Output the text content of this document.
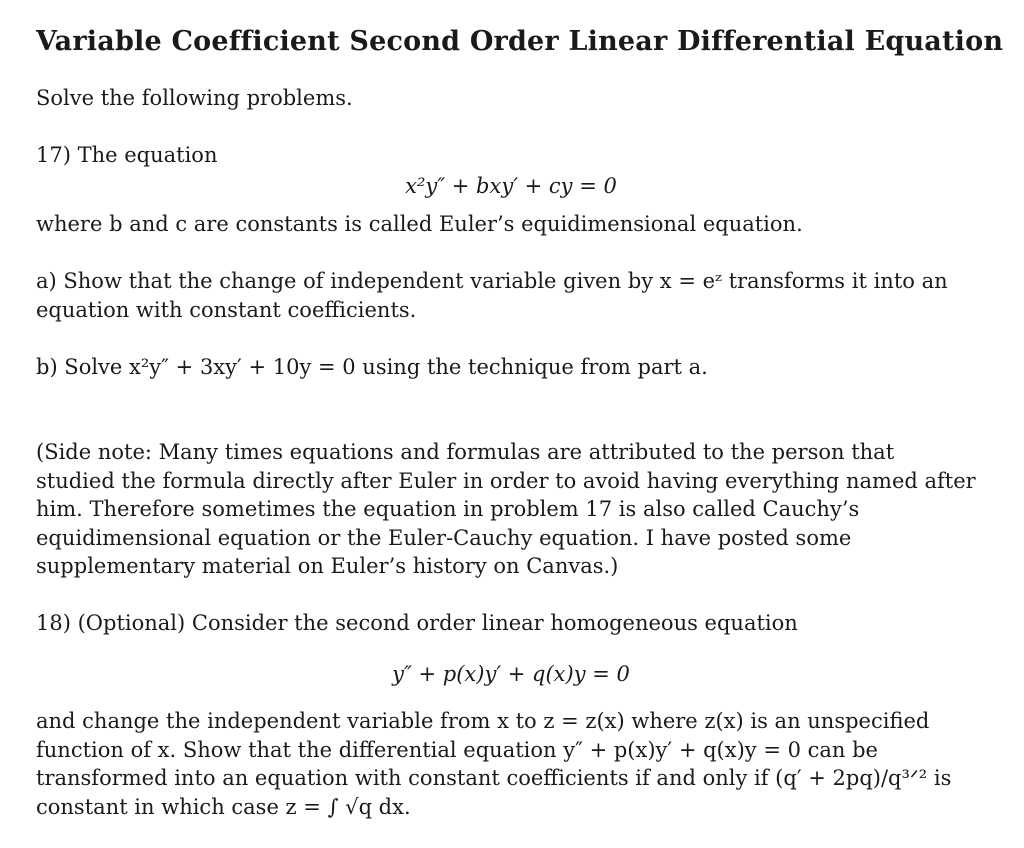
Variable Coefficient Second Order Linear Differential Equation
Solve the following problems.
17) The equation
x²y″ + bxy′ + cy = 0
where b and c are constants is called Euler’s equidimensional equation.
a) Show that the change of independent variable given by x = eᶻ transforms it into an equation with constant coefficients.
b) Solve x²y″ + 3xy′ + 10y = 0 using the technique from part a.
(Side note: Many times equations and formulas are attributed to the person that studied the formula directly after Euler in order to avoid having everything named after him. Therefore sometimes the equation in problem 17 is also called Cauchy’s equidimensional equation or the Euler-Cauchy equation. I have posted some supplementary material on Euler’s history on Canvas.)
18) (Optional) Consider the second order linear homogeneous equation
y″ + p(x)y′ + q(x)y = 0
and change the independent variable from x to z = z(x) where z(x) is an unspecified function of x. Show that the differential equation y″ + p(x)y′ + q(x)y = 0 can be transformed into an equation with constant coefficients if and only if (q′ + 2pq)/q³ᐟ² is constant in which case z = ∫ √q dx.
